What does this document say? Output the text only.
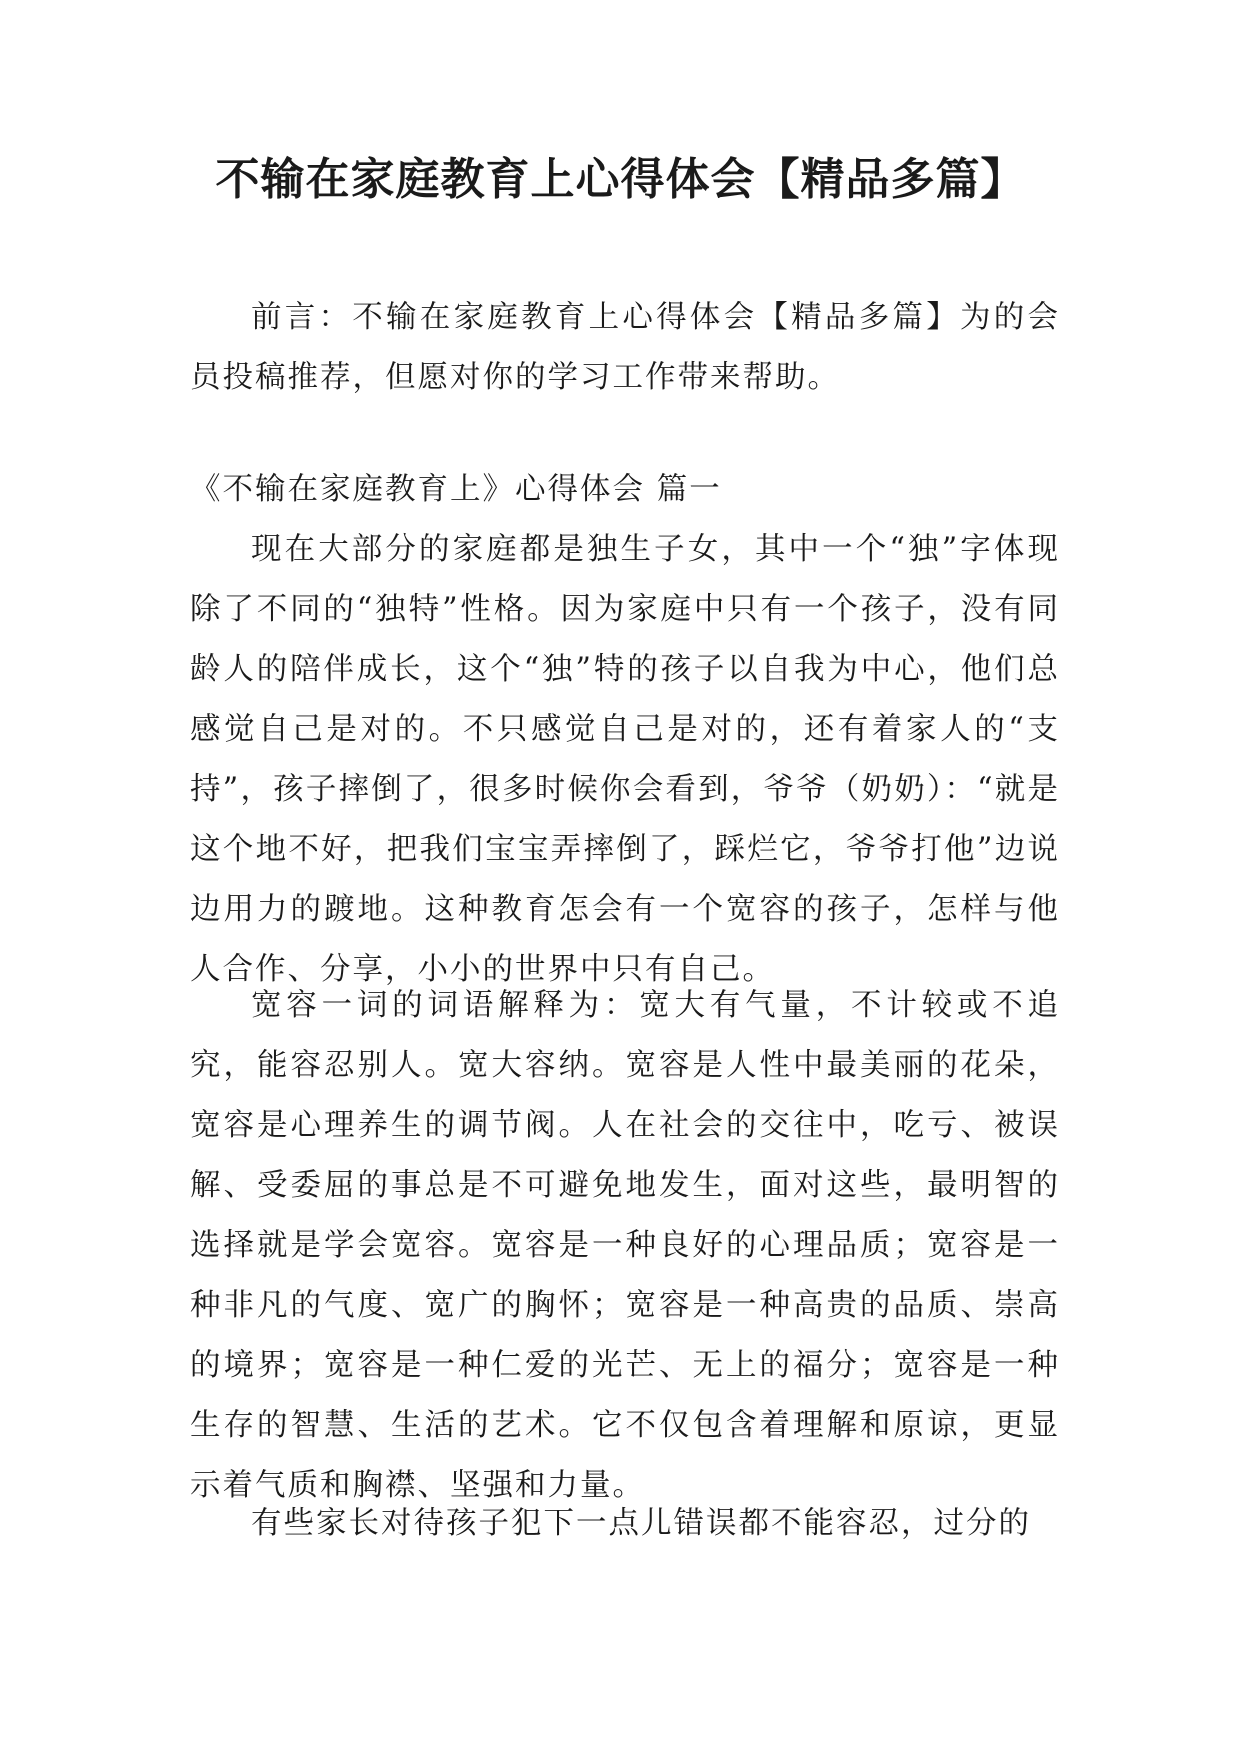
不输在家庭教育上心得体会【精品多篇】

前言：不输在家庭教育上心得体会【精品多篇】为的会员投稿推荐，但愿对你的学习工作带来帮助。

《不输在家庭教育上》心得体会 篇一

现在大部分的家庭都是独生子女，其中一个“独”字体现除了不同的“独特”性格。因为家庭中只有一个孩子，没有同龄人的陪伴成长，这个“独”特的孩子以自我为中心，他们总感觉自己是对的。不只感觉自己是对的，还有着家人的“支持”，孩子摔倒了，很多时候你会看到，爷爷（奶奶）：“就是这个地不好，把我们宝宝弄摔倒了，踩烂它，爷爷打他”边说边用力的踱地。这种教育怎会有一个宽容的孩子，怎样与他人合作、分享，小小的世界中只有自己。

宽容一词的词语解释为：宽大有气量，不计较或不追究，能容忍别人。宽大容纳。宽容是人性中最美丽的花朵，宽容是心理养生的调节阀。人在社会的交往中，吃亏、被误解、受委屈的事总是不可避免地发生，面对这些，最明智的选择就是学会宽容。宽容是一种良好的心理品质；宽容是一种非凡的气度、宽广的胸怀；宽容是一种高贵的品质、崇高的境界；宽容是一种仁爱的光芒、无上的福分；宽容是一种生存的智慧、生活的艺术。它不仅包含着理解和原谅，更显示着气质和胸襟、坚强和力量。

有些家长对待孩子犯下一点儿错误都不能容忍，过分的
